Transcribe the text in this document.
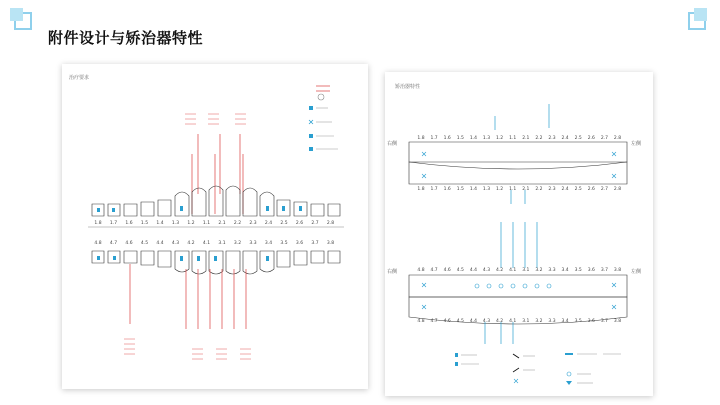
附件设计与矫治器特性
治疗要求
1.8 1.7 1.6 1.5 1.4 1.3 1.2 1.1 2.1 2.2 2.3 2.4 2.5 2.6 2.7 2.8
4.8 4.7 4.6 4.5 4.4 4.3 4.2 4.1 3.1 3.2 3.3 3.4 3.5 3.6 3.7 3.8
矫治器特性
1.8 1.7 1.6 1.5 1.4 1.3 1.2 1.1 2.1 2.2 2.3 2.4 2.5 2.6 2.7 2.8
1.8 1.7 1.6 1.5 1.4 1.3 1.2 1.1 2.1 2.2 2.3 2.4 2.5 2.6 2.7 2.8
4.8 4.7 4.6 4.5 4.4 4.3 4.2 4.1 3.1 3.2 3.3 3.4 3.5 3.6 3.7 3.8
4.8 4.7 4.6 4.5 4.4 4.3 4.2 4.1 3.1 3.2 3.3 3.4 3.5 3.6 3.7 3.8
右侧	左侧
右侧	左侧
